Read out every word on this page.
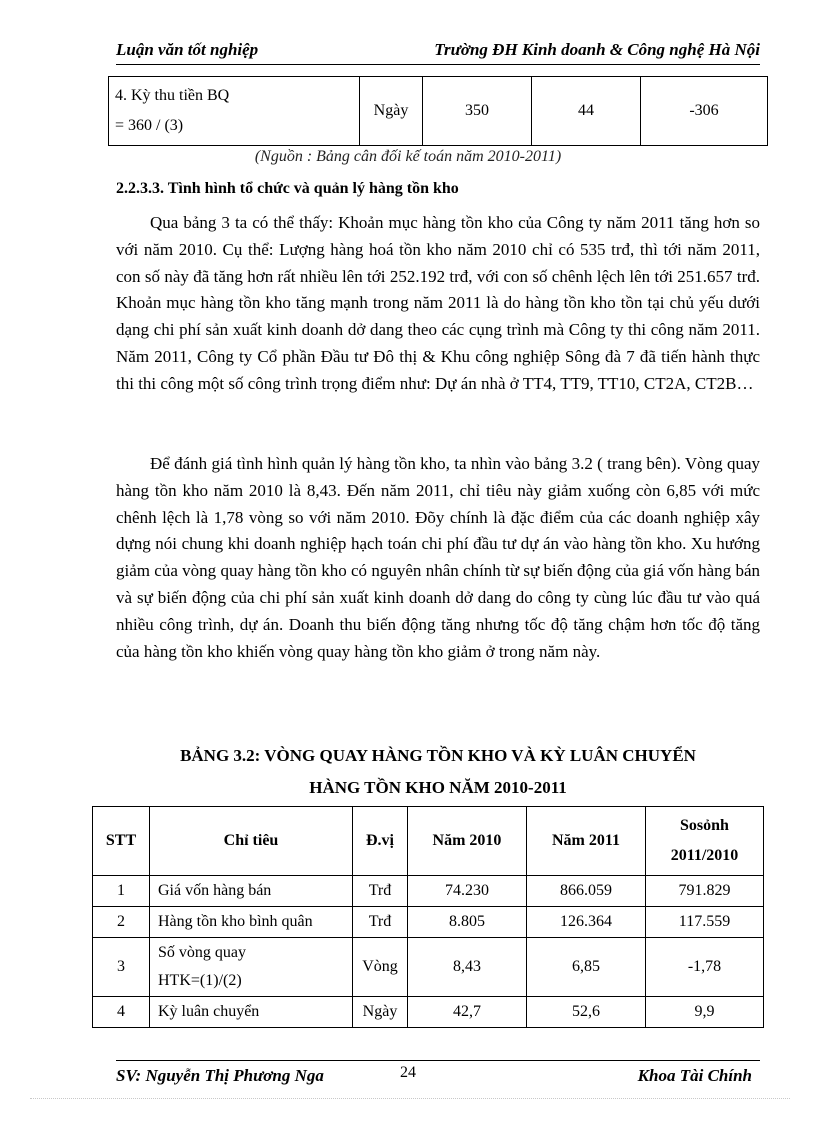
Luận văn tốt nghiệp	Trường ĐH Kinh doanh & Công nghệ Hà Nội
4. Kỳ thu tiền BQ
= 360 / (3)
	Ngày	350	44	-306
(Nguồn : Bảng cân đối kế toán năm 2010-2011)
2.2.3.3. Tình hình tổ chức và quản lý hàng tồn kho

Qua bảng 3 ta có thể thấy: Khoản mục hàng tồn kho của Công ty năm 2011 tăng hơn so với năm 2010. Cụ thể: Lượng hàng hoá tồn kho năm 2010 chỉ có 535 trđ, thì tới năm 2011, con số này đã tăng hơn rất nhiều lên tới 252.192 trđ, với con số chênh lệch lên tới 251.657 trđ. Khoản mục hàng tồn kho tăng mạnh trong năm 2011 là do hàng tồn kho tồn tại chủ yếu dưới dạng chi phí sản xuất kinh doanh dở dang theo các cụng trình mà Công ty thi công năm 2011. Năm 2011, Công ty Cổ phần Đầu tư Đô thị & Khu công nghiệp Sông đà 7 đã tiến hành thực thi thi công một số công trình trọng điểm như: Dự án nhà ở TT4, TT9, TT10, CT2A, CT2B…

Để đánh giá tình hình quản lý hàng tồn kho, ta nhìn vào bảng 3.2 ( trang bên). Vòng quay hàng tồn kho năm 2010 là 8,43. Đến năm 2011, chỉ tiêu này giảm xuống còn 6,85 với mức chênh lệch là 1,78 vòng so với năm 2010. Đõy chính là đặc điểm của các doanh nghiệp xây dựng nói chung khi doanh nghiệp hạch toán chi phí đầu tư dự án vào hàng tồn kho. Xu hướng giảm của vòng quay hàng tồn kho có nguyên nhân chính từ sự biến động của giá vốn hàng bán và sự biến động của chi phí sản xuất kinh doanh dở dang do công ty cùng lúc đầu tư vào quá nhiều công trình, dự án. Doanh thu biến động tăng nhưng tốc độ tăng chậm hơn tốc độ tăng của hàng tồn kho khiến vòng quay hàng tồn kho giảm ở trong năm này.

BẢNG 3.2: VÒNG QUAY HÀNG TỒN KHO VÀ KỲ LUÂN CHUYỂN
HÀNG TỒN KHO NĂM 2010-2011
STT	Chỉ tiêu	Đ.vị	Năm 2010	Năm 2011	Sosỏnh
2011/2010

1	Giá vốn hàng bán	Trđ	74.230	866.059	791.829
2	Hàng tồn kho bình quân	Trđ	8.805	126.364	117.559
3	Số vòng quay
HTK=(1)/(2)	Vòng	8,43	6,85	-1,78
4	Kỳ luân chuyển	Ngày	42,7	52,6	9,9
SV: Nguyễn Thị Phương Nga	24	Khoa Tài Chính
